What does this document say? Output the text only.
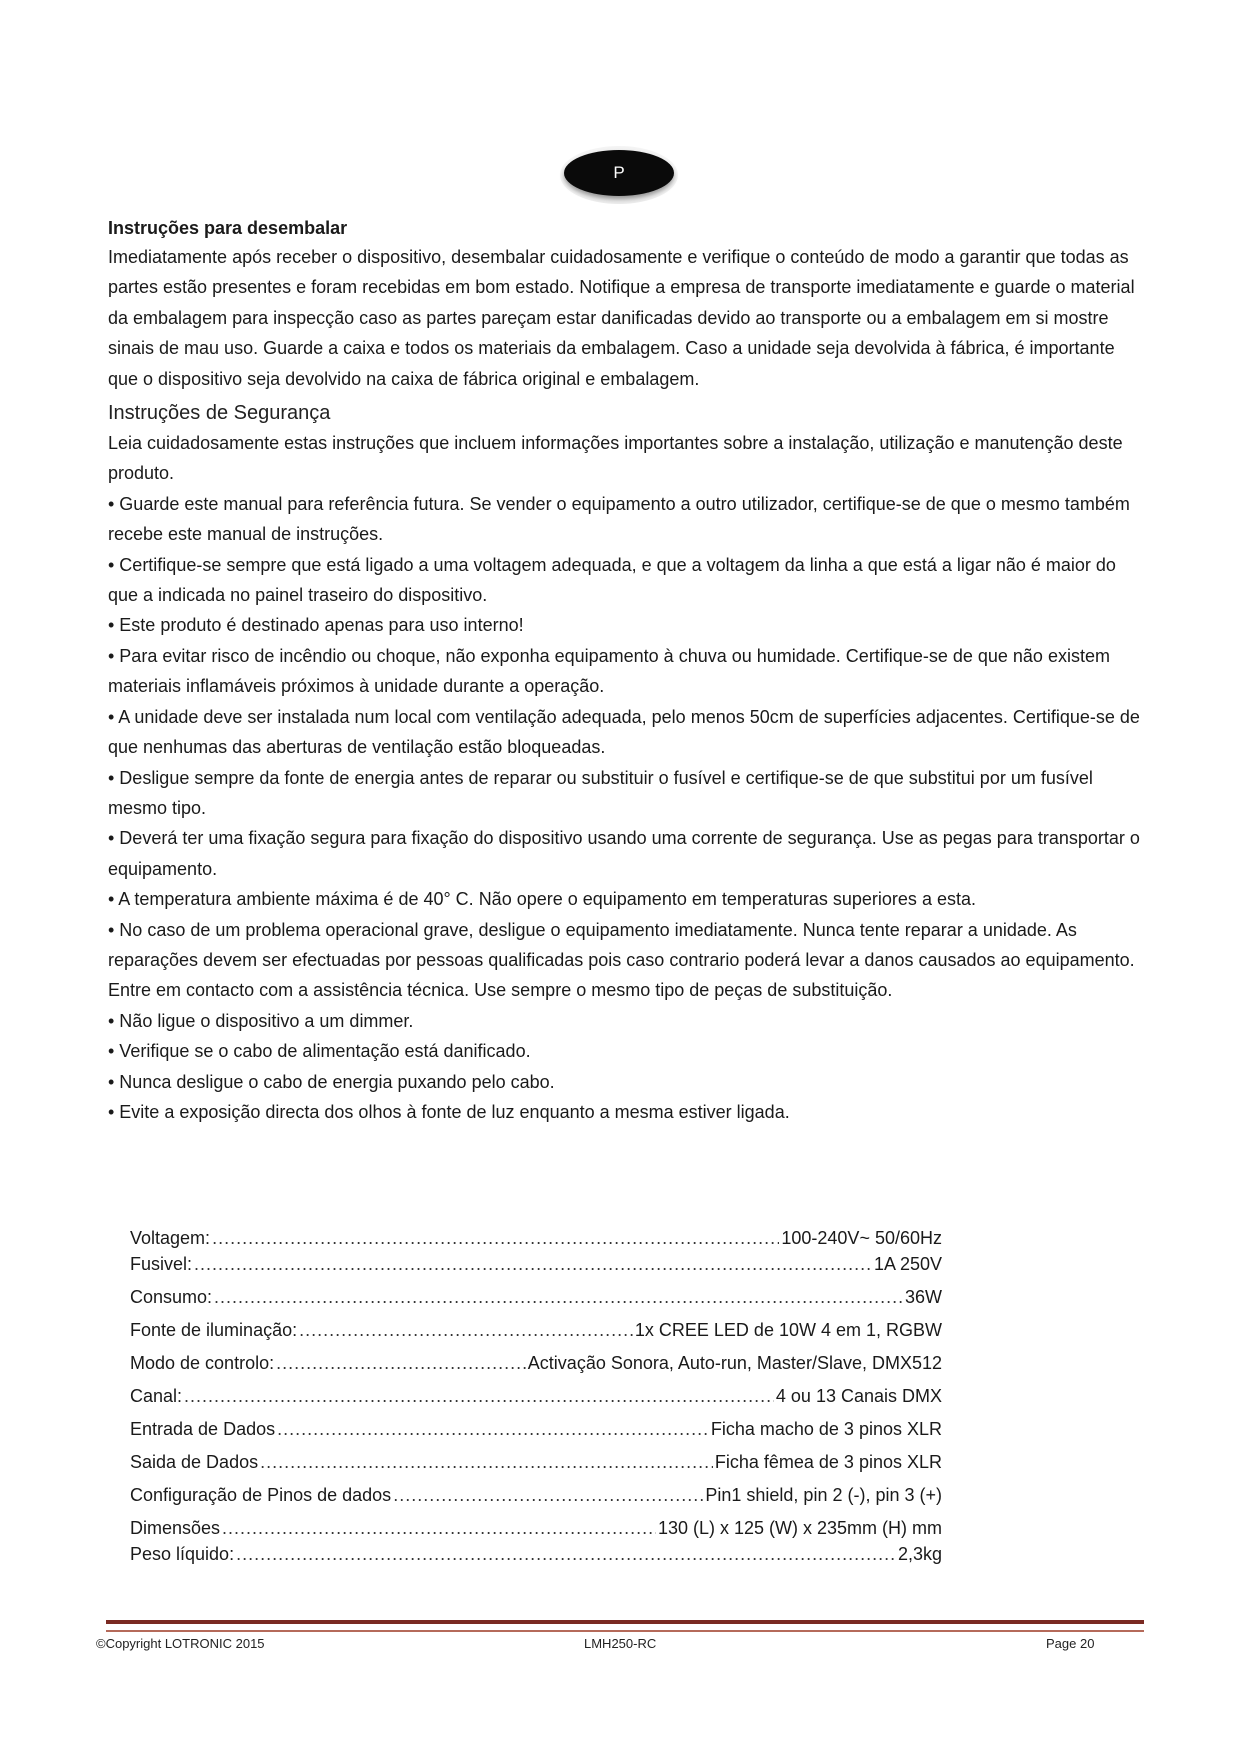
P

Instruções para desembalar

Imediatamente após receber o dispositivo, desembalar cuidadosamente e verifique o conteúdo de modo a garantir que todas as partes estão presentes e foram recebidas em bom estado. Notifique a empresa de transporte imediatamente e guarde o material da embalagem para inspecção caso as partes pareçam estar danificadas devido ao transporte ou a embalagem em si mostre sinais de mau uso. Guarde a caixa e todos os materiais da embalagem. Caso a unidade seja devolvida à fábrica, é importante que o dispositivo seja devolvido na caixa de fábrica original e embalagem.

Instruções de Segurança

Leia cuidadosamente estas instruções que incluem informações importantes sobre a instalação, utilização e manutenção deste produto.

• Guarde este manual para referência futura. Se vender o equipamento a outro utilizador, certifique-se de que o mesmo também recebe este manual de instruções.

• Certifique-se sempre que está ligado a uma voltagem adequada, e que a voltagem da linha a que está a ligar não é maior do que a indicada no painel traseiro do dispositivo.

• Este produto é destinado apenas para uso interno!

• Para evitar risco de incêndio ou choque, não exponha equipamento à chuva ou humidade. Certifique-se de que não existem materiais inflamáveis próximos à unidade durante a operação.

• A unidade deve ser instalada num local com ventilação adequada, pelo menos 50cm de superfícies adjacentes. Certifique-se de que nenhumas das aberturas de ventilação estão bloqueadas.

• Desligue sempre da fonte de energia antes de reparar ou substituir o fusível e certifique-se de que substitui por um fusível mesmo tipo.

• Deverá ter uma fixação segura para fixação do dispositivo usando uma corrente de segurança. Use as pegas para transportar o equipamento.

• A temperatura ambiente máxima é de 40° C. Não opere o equipamento em temperaturas superiores a esta.

• No caso de um problema operacional grave, desligue o equipamento imediatamente. Nunca tente reparar a unidade. As reparações devem ser efectuadas por pessoas qualificadas pois caso contrario poderá levar a danos causados ao equipamento. Entre em contacto com a assistência técnica. Use sempre o mesmo tipo de peças de substituição.

• Não ligue o dispositivo a um dimmer.

• Verifique se o cabo de alimentação está danificado.

• Nunca desligue o cabo de energia puxando pelo cabo.

• Evite a exposição directa dos olhos à fonte de luz enquanto a mesma estiver ligada.

Voltagem: .....	100-240V~ 50/60Hz
Fusivel: .....	1A 250V
Consumo: .....	36W
Fonte de iluminação: .....	1x CREE LED de 10W 4 em 1, RGBW
Modo de controlo: .....	Activação Sonora, Auto-run, Master/Slave, DMX512
Canal: .....	4 ou 13 Canais DMX
Entrada de Dados .....	Ficha macho de 3 pinos XLR
Saida de Dados .....	Ficha fêmea de 3 pinos XLR
Configuração de Pinos de dados .....	Pin1 shield, pin 2 (-), pin 3 (+)
Dimensões .....	130 (L) x 125 (W) x 235mm (H) mm
Peso líquido: .....	2,3kg
©Copyright LOTRONIC 2015	LMH250-RC	Page 20
